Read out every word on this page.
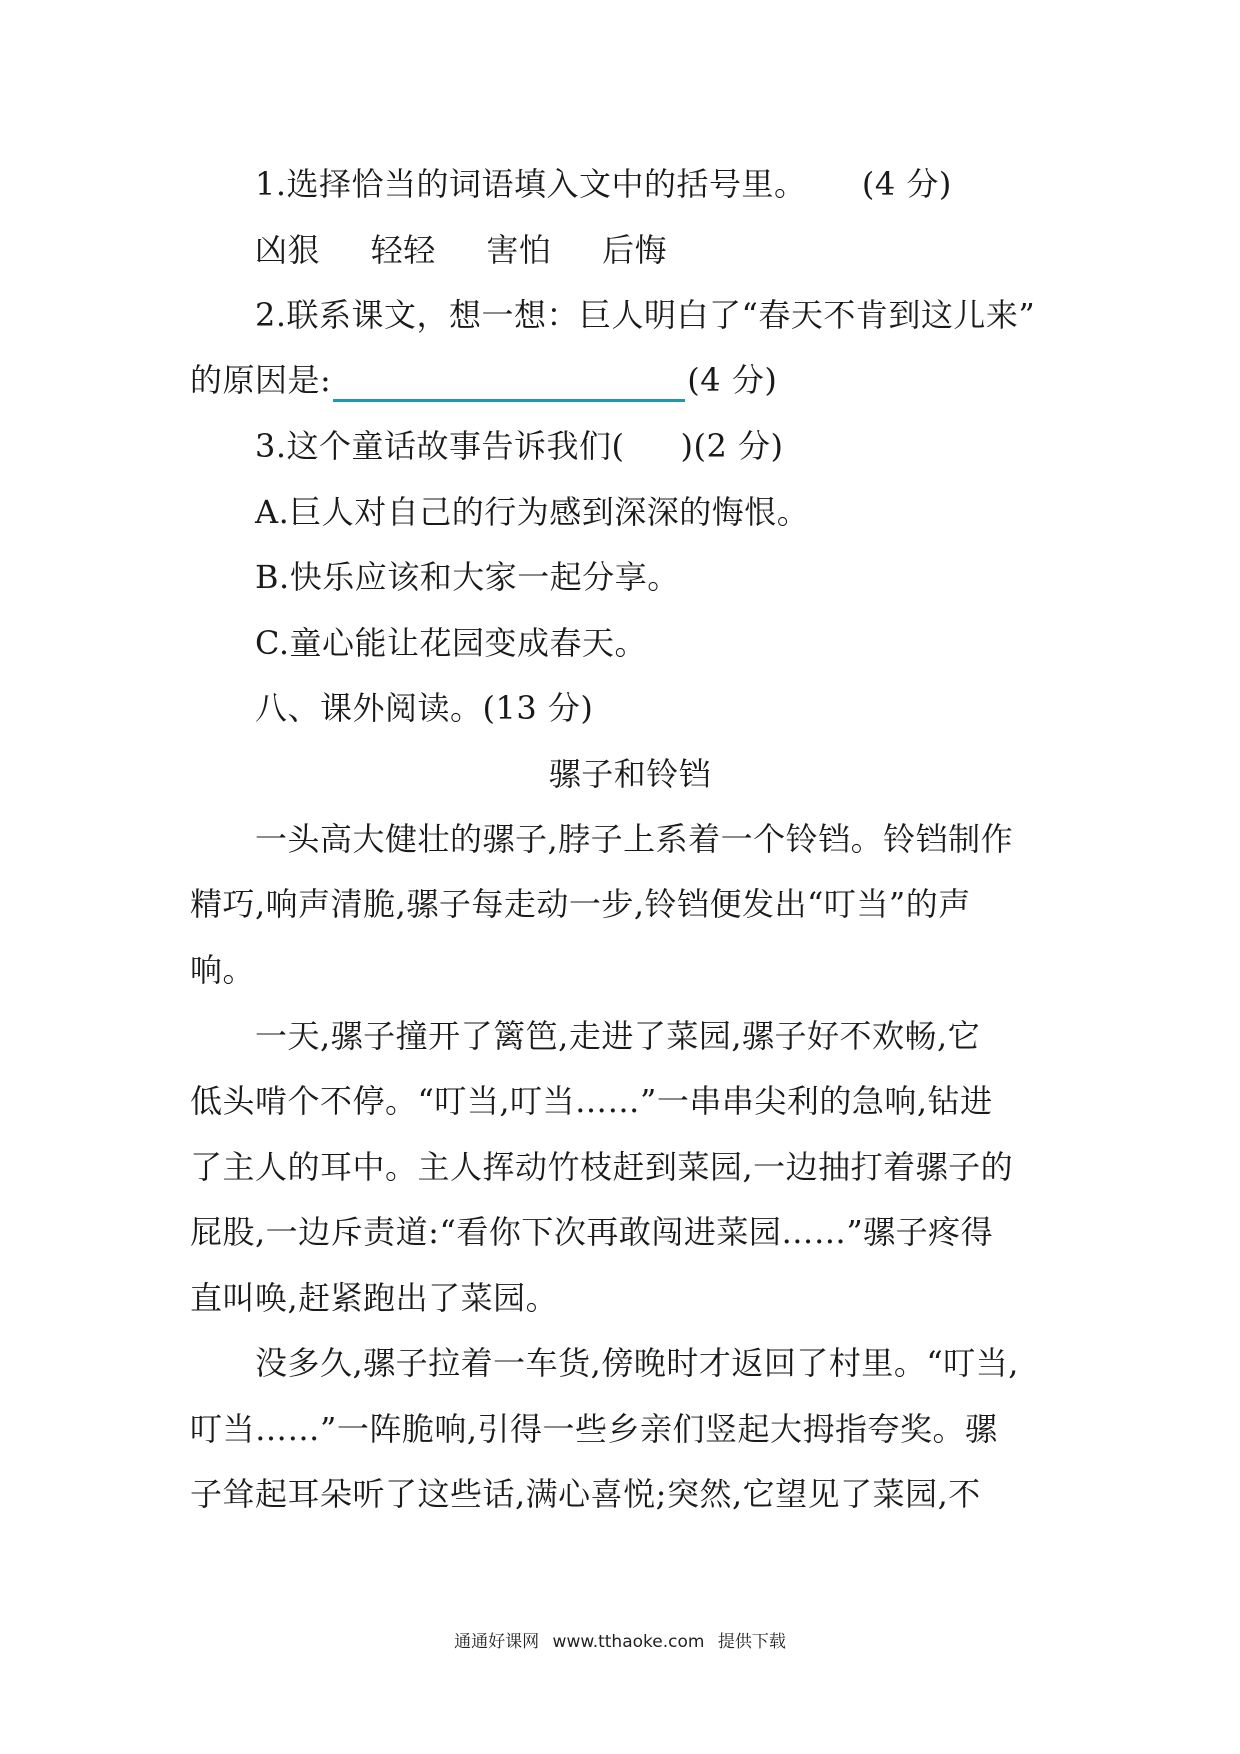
1.选择恰当的词语填入文中的括号里。 (4 分)
凶狠 轻轻 害怕 后悔
2.联系课文，想一想：巨人明白了“春天不肯到这儿来”
的原因是:	(4 分)
3.这个童话故事告诉我们( )(2 分)
A.巨人对自己的行为感到深深的悔恨。
B.快乐应该和大家一起分享。
C.童心能让花园变成春天。
八、课外阅读。(13 分)
骡子和铃铛
一头高大健壮的骡子,脖子上系着一个铃铛。铃铛制作
精巧,响声清脆,骡子每走动一步,铃铛便发出“叮当”的声
响。
一天,骡子撞开了篱笆,走进了菜园,骡子好不欢畅,它
低头啃个不停。“叮当,叮当……”一串串尖利的急响,钻进
了主人的耳中。主人挥动竹枝赶到菜园,一边抽打着骡子的
屁股,一边斥责道:“看你下次再敢闯进菜园……”骡子疼得
直叫唤,赶紧跑出了菜园。
没多久,骡子拉着一车货,傍晚时才返回了村里。“叮当,
叮当……”一阵脆响,引得一些乡亲们竖起大拇指夸奖。骡
子耸起耳朵听了这些话,满心喜悦;突然,它望见了菜园,不
通通好课网 www.tthaoke.com 提供下载
